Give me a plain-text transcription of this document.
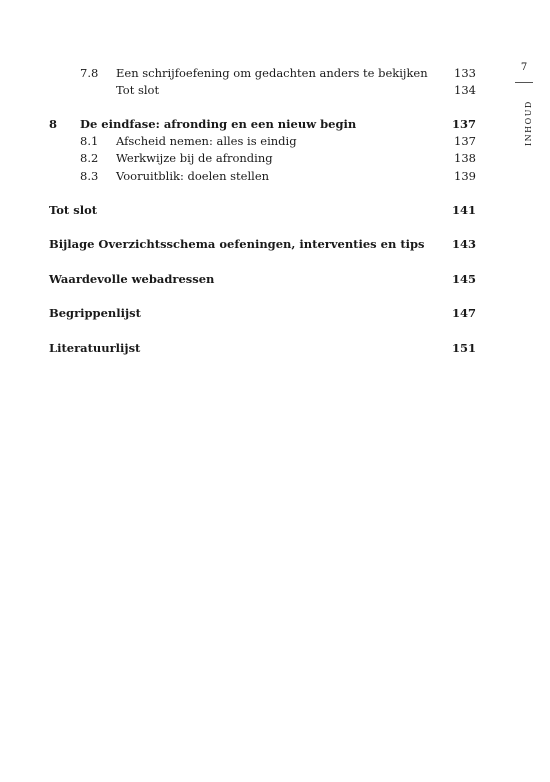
7.8 Een schrijfoefening om gedachten anders te bekijken 133
Tot slot	134
8 De eindfase: afronding en een nieuw begin	137
8.1 Afscheid nemen: alles is eindig	137
8.2 Werkwijze bij de afronding	138
8.3 Vooruitblik: doelen stellen	139
Tot slot	141
Bijlage Overzichtsschema oefeningen, interventies en tips 143
Waardevolle webadressen	145
Begrippenlijst	147
Literatuurlijst	151
7
INHOUD
